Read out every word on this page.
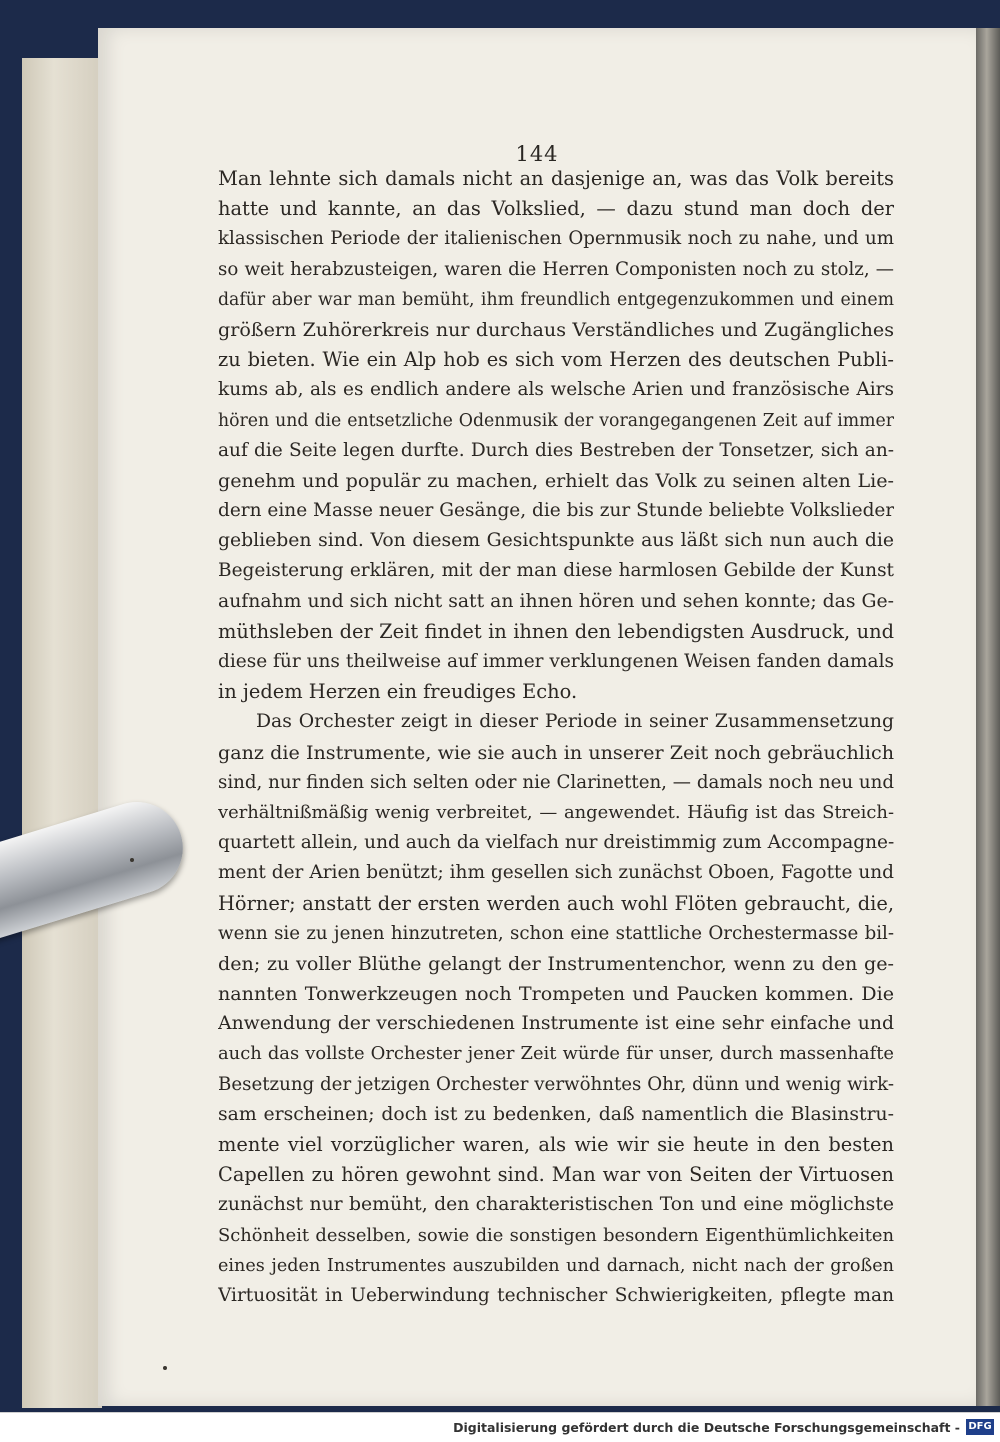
144
Man lehnte sich damals nicht an dasjenige an, was das Volk bereits
hatte und kannte, an das Volkslied, — dazu stund man doch der
klassischen Periode der italienischen Opernmusik noch zu nahe, und um
so weit herabzusteigen, waren die Herren Componisten noch zu stolz, —
dafür aber war man bemüht, ihm freundlich entgegenzukommen und einem
größern Zuhörerkreis nur durchaus Verständliches und Zugängliches
zu bieten. Wie ein Alp hob es sich vom Herzen des deutschen Publi-
kums ab, als es endlich andere als welsche Arien und französische Airs
hören und die entsetzliche Odenmusik der vorangegangenen Zeit auf immer
auf die Seite legen durfte. Durch dies Bestreben der Tonsetzer, sich an-
genehm und populär zu machen, erhielt das Volk zu seinen alten Lie-
dern eine Masse neuer Gesänge, die bis zur Stunde beliebte Volkslieder
geblieben sind. Von diesem Gesichtspunkte aus läßt sich nun auch die
Begeisterung erklären, mit der man diese harmlosen Gebilde der Kunst
aufnahm und sich nicht satt an ihnen hören und sehen konnte; das Ge-
müthsleben der Zeit findet in ihnen den lebendigsten Ausdruck, und
diese für uns theilweise auf immer verklungenen Weisen fanden damals
in jedem Herzen ein freudiges Echo.
Das Orchester zeigt in dieser Periode in seiner Zusammensetzung
ganz die Instrumente, wie sie auch in unserer Zeit noch gebräuchlich
sind, nur finden sich selten oder nie Clarinetten, — damals noch neu und
verhältnißmäßig wenig verbreitet, — angewendet. Häufig ist das Streich-
quartett allein, und auch da vielfach nur dreistimmig zum Accompagne-
ment der Arien benützt; ihm gesellen sich zunächst Oboen, Fagotte und
Hörner; anstatt der ersten werden auch wohl Flöten gebraucht, die,
wenn sie zu jenen hinzutreten, schon eine stattliche Orchestermasse bil-
den; zu voller Blüthe gelangt der Instrumentenchor, wenn zu den ge-
nannten Tonwerkzeugen noch Trompeten und Paucken kommen. Die
Anwendung der verschiedenen Instrumente ist eine sehr einfache und
auch das vollste Orchester jener Zeit würde für unser, durch massenhafte
Besetzung der jetzigen Orchester verwöhntes Ohr, dünn und wenig wirk-
sam erscheinen; doch ist zu bedenken, daß namentlich die Blasinstru-
mente viel vorzüglicher waren, als wie wir sie heute in den besten
Capellen zu hören gewohnt sind. Man war von Seiten der Virtuosen
zunächst nur bemüht, den charakteristischen Ton und eine möglichste
Schönheit desselben, sowie die sonstigen besondern Eigenthümlichkeiten
eines jeden Instrumentes auszubilden und darnach, nicht nach der großen
Virtuosität in Ueberwindung technischer Schwierigkeiten, pflegte man
Digitalisierung gefördert durch die Deutsche Forschungsgemeinschaft - DFG
